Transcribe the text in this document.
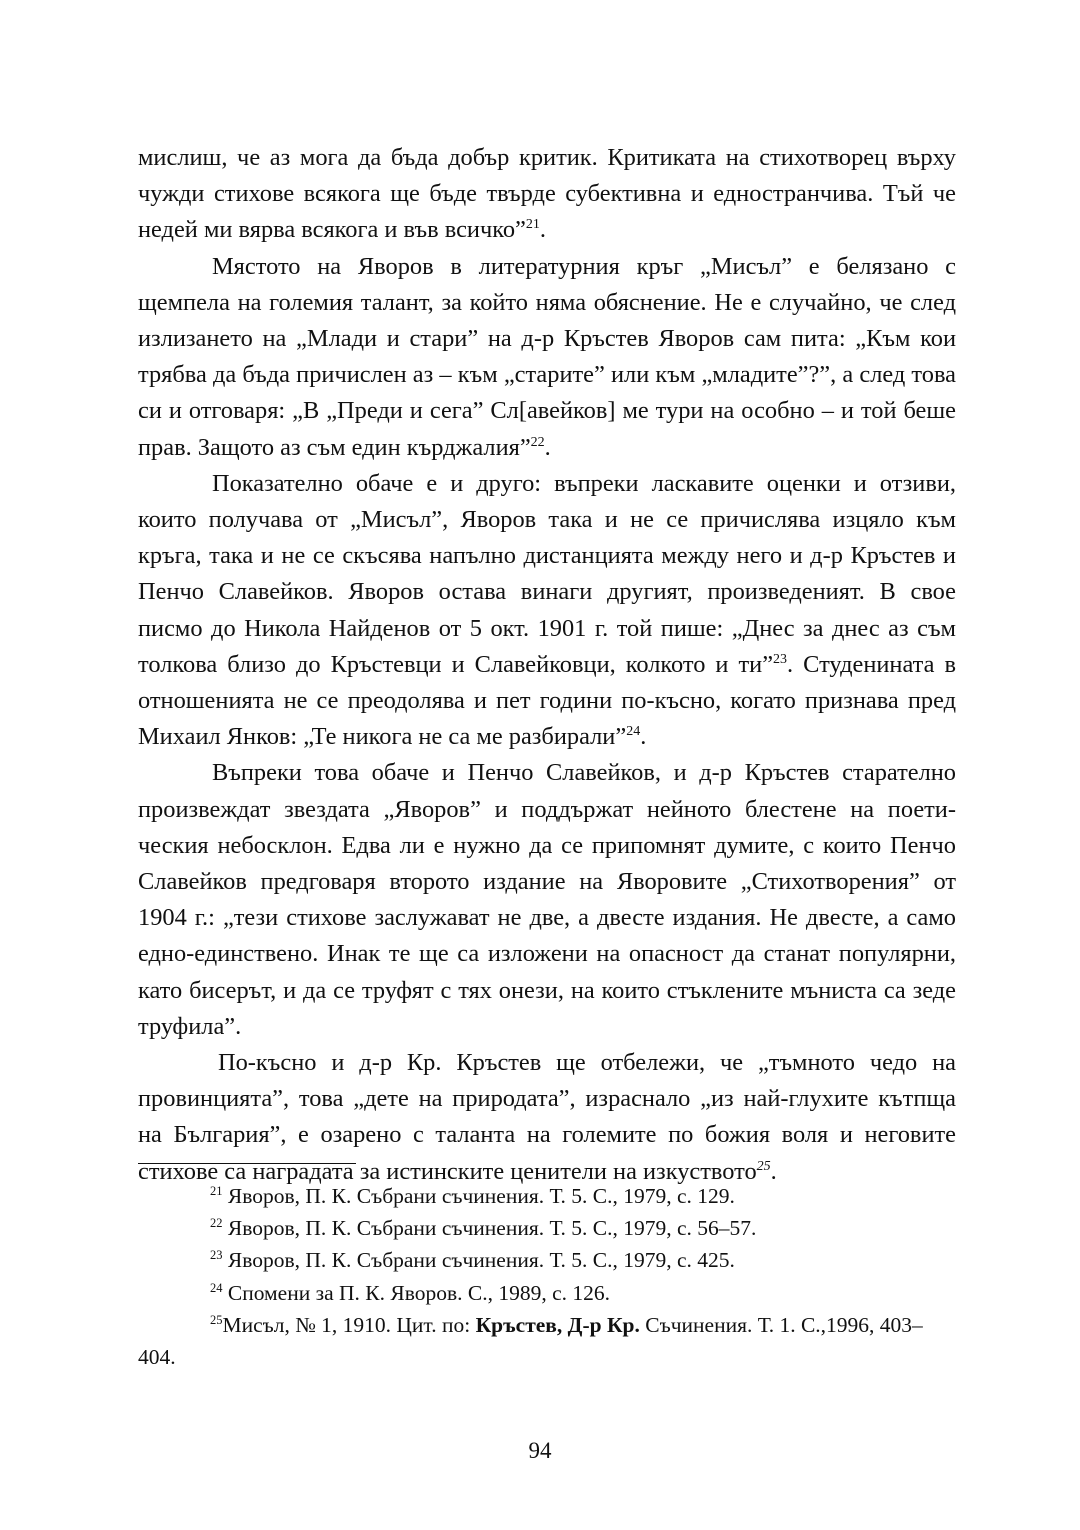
мислиш, че аз мога да бъда добър критик. Критиката на стихотворец върху чужди стихове всякога ще бъде твърде субективна и едностранчива. Тъй че недей ми вярва всякога и във всичко”$^{21}$.

Мястото на Яворов в литературния кръг „Мисъл” е белязано с щемпела на големия талант, за който няма обяснение. Не е случайно, че след излизането на „Млади и стари” на д-р Кръстев Яворов сам пита: „Към кои трябва да бъда причислен аз – към „старите” или към „младите”?”, а след това си и отговаря: „В „Преди и сега” Сл[авейков] ме тури на особно – и той беше прав. Защото аз съм един кърджалия”$^{22}$.

Показателно обаче е и друго: въпреки ласкавите оценки и отзиви, които получава от „Мисъл”, Яворов така и не се причислява изцяло към кръга, така и не се скъсява напълно дистанцията между него и д-р Кръстев и Пенчо Славейков. Яворов остава винаги другият, произведеният. В свое писмо до Никола Найденов от 5 окт. 1901 г. той пише: „Днес за днес аз съм толкова близо до Кръстевци и Славейковци, колкото и ти”$^{23}$. Студенината в отношенията не се преодолява и пет години по-късно, когато признава пред Михаил Янков: „Те никога не са ме разбирали”$^{24}$.

Въпреки това обаче и Пенчо Славейков, и д-р Кръстев старателно произвеждат звездата „Яворов” и поддържат нейното блестене на поетическия небосклон. Едва ли е нужно да се припомнят думите, с които Пенчо Славейков предговаря второто издание на Яворовите „Стихотворения” от 1904 г.: „тези стихове заслужават не две, а двесте издания. Не двесте, а само едно-единствено. Инак те ще са изложени на опасност да станат популярни, като бисерът, и да се труфят с тях онези, на които стъклените мъниста са зеде труфила”.

По-късно и д-р Кр. Кръстев ще отбележи, че „тъмното чедо на провинцията”, това „дете на природата”, израснало „из най-глухите кътпща на България”, е озарено с таланта на големите по божия воля и неговите стихове са наградата за истинските ценители на изкуството$^{25}$.

$^{21}$ Яворов, П. К. Събрани съчинения. Т. 5. С., 1979, с. 129.

$^{22}$ Яворов, П. К. Събрани съчинения. Т. 5. С., 1979, с. 56–57.

$^{23}$ Яворов, П. К. Събрани съчинения. Т. 5. С., 1979, с. 425.

$^{24}$ Спомени за П. К. Яворов. С., 1989, с. 126.

$^{25}$Мисъл, № 1, 1910. Цит. по: Кръстев, Д-р Кр. Съчинения. Т. 1. С.,1996, 403–404.

94
